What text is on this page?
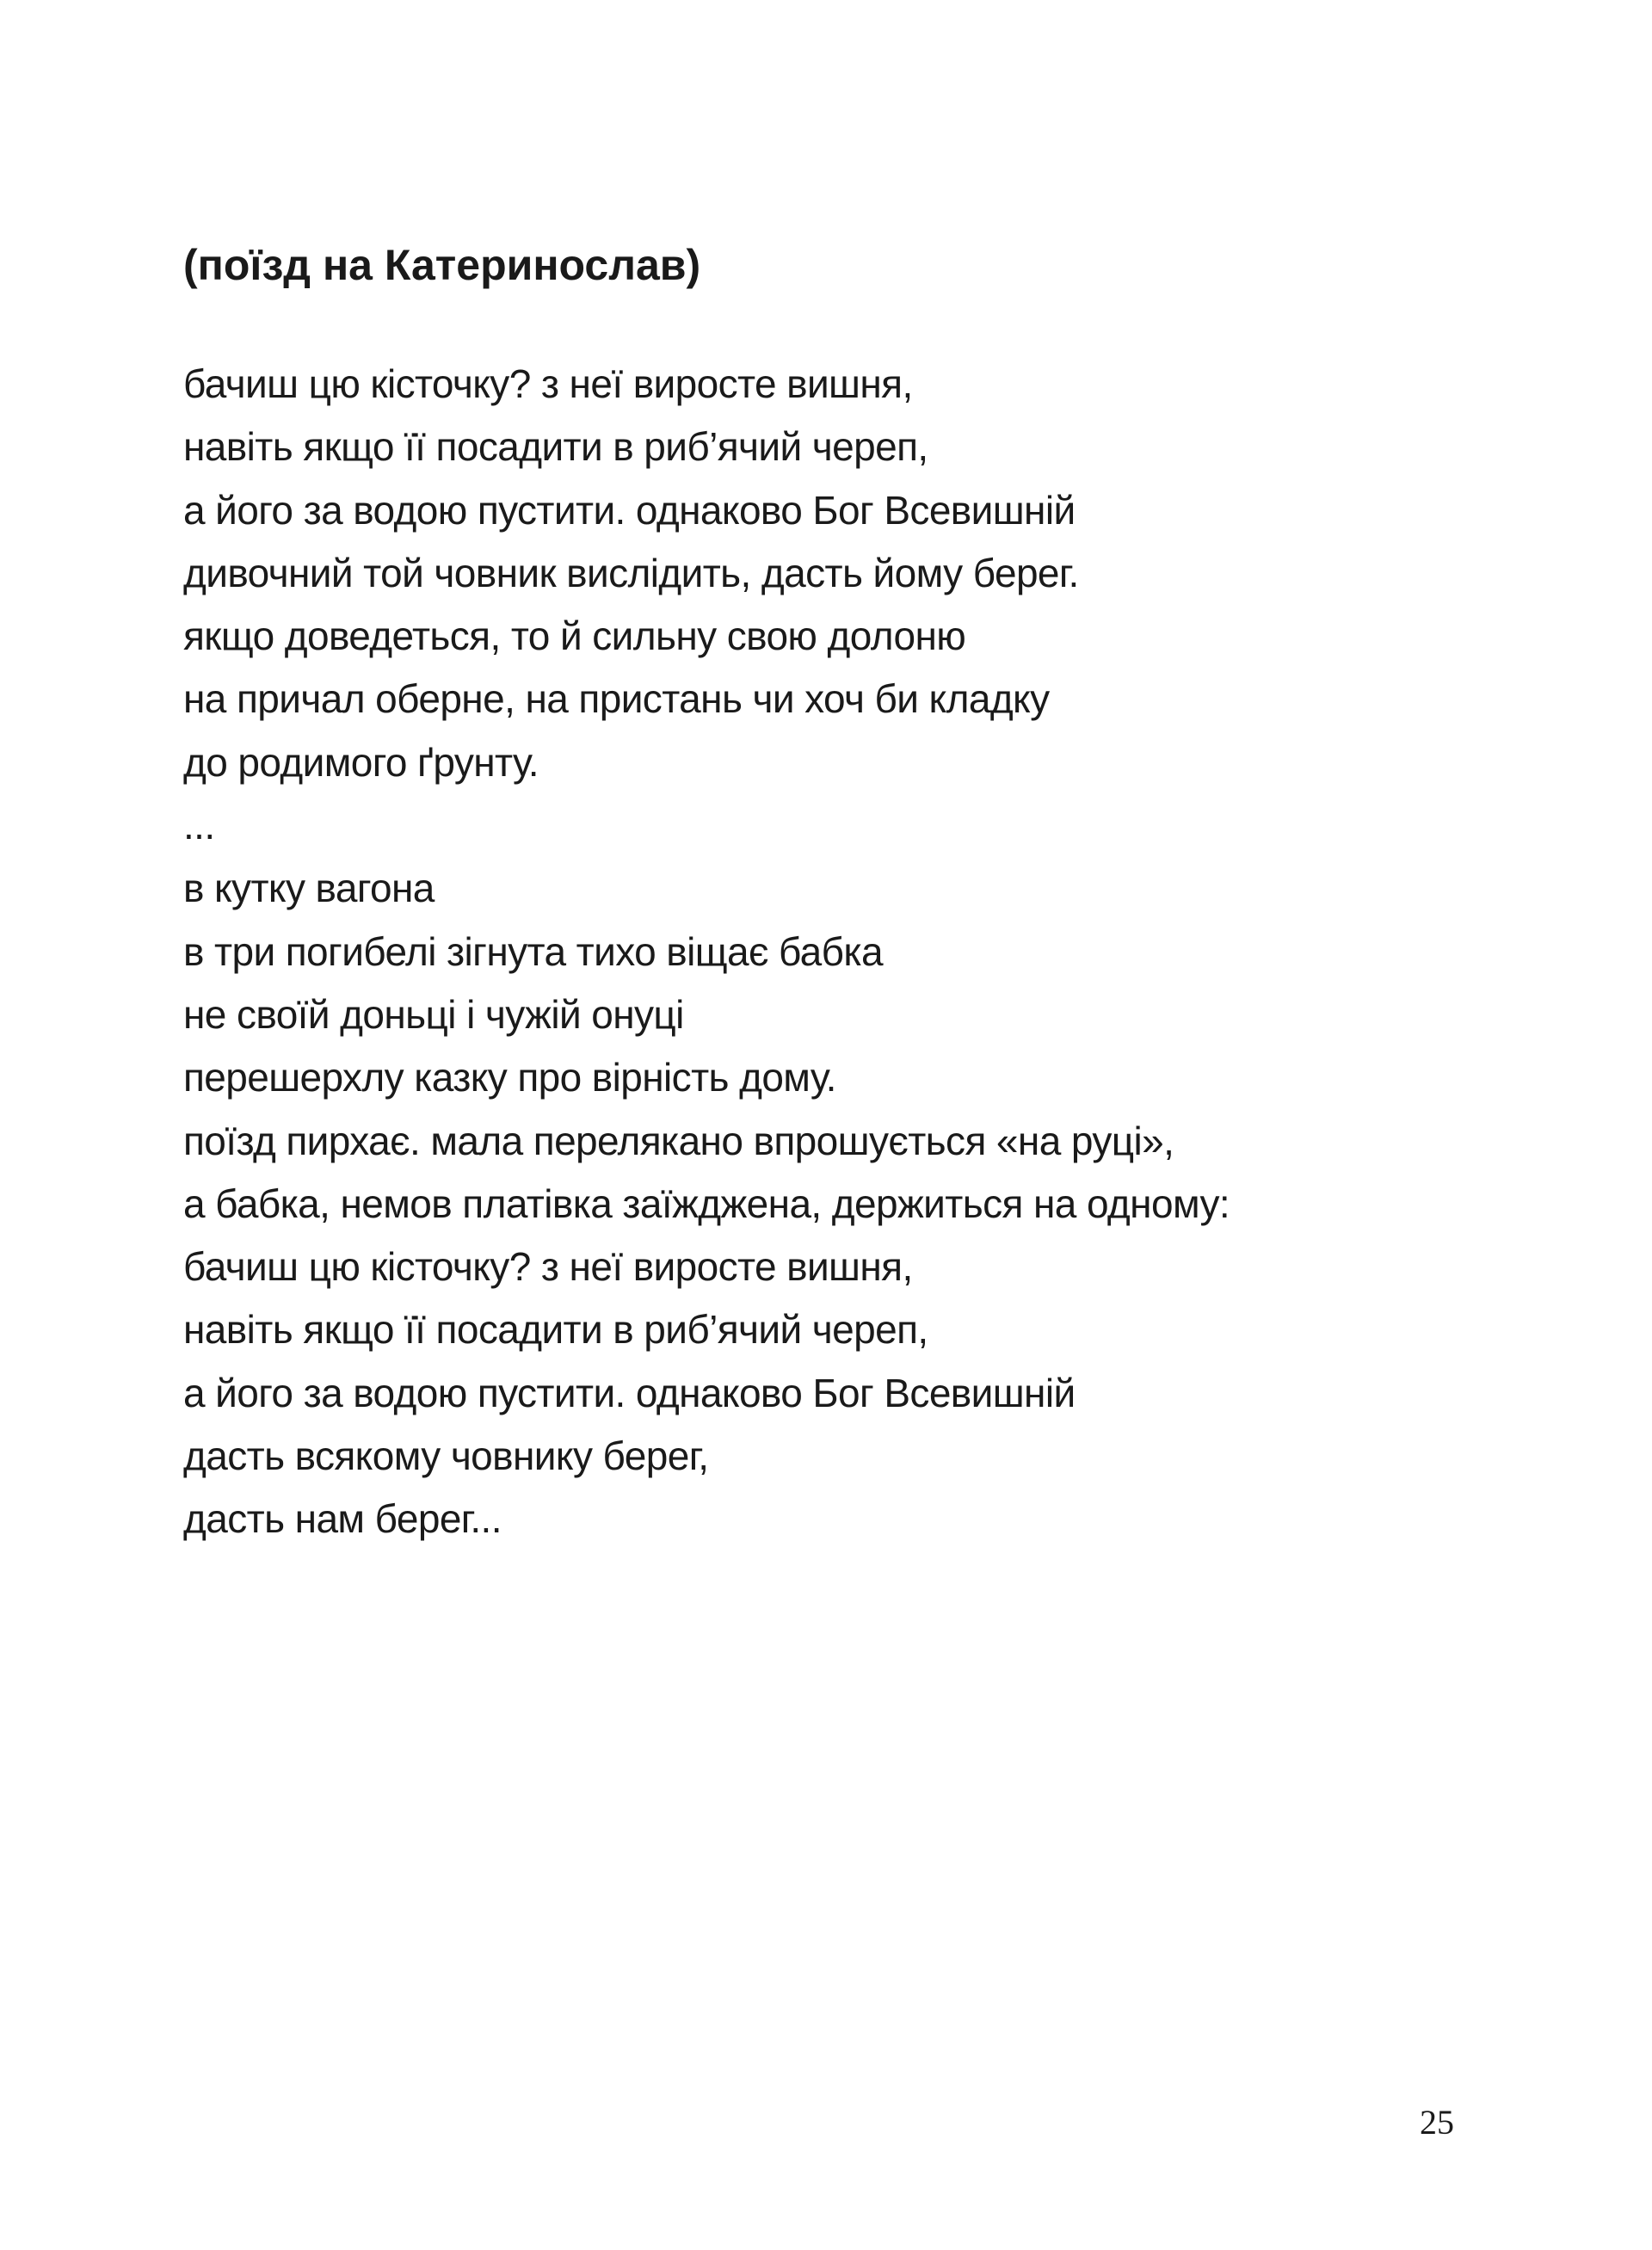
(поїзд на Катеринослав)
бачиш цю кісточку? з неї виросте вишня,
навіть якщо її посадити в риб’ячий череп,
а його за водою пустити. однаково Бог Всевишній
дивочний той човник вислідить, дасть йому берег.
якщо доведеться, то й сильну свою долоню
на причал оберне, на пристань чи хоч би кладку
до родимого ґрунту.
...
в кутку вагона
в три погибелі зігнута тихо віщає бабка
не своїй доньці і чужій онуці
перешерхлу казку про вірність дому.
поїзд пирхає. мала перелякано впрошується «на руці»,
а бабка, немов платівка заїжджена, держиться на одному:
бачиш цю кісточку? з неї виросте вишня,
навіть якщо її посадити в риб’ячий череп,
а його за водою пустити. однаково Бог Всевишній
дасть всякому човнику берег,
дасть нам берег...
25
